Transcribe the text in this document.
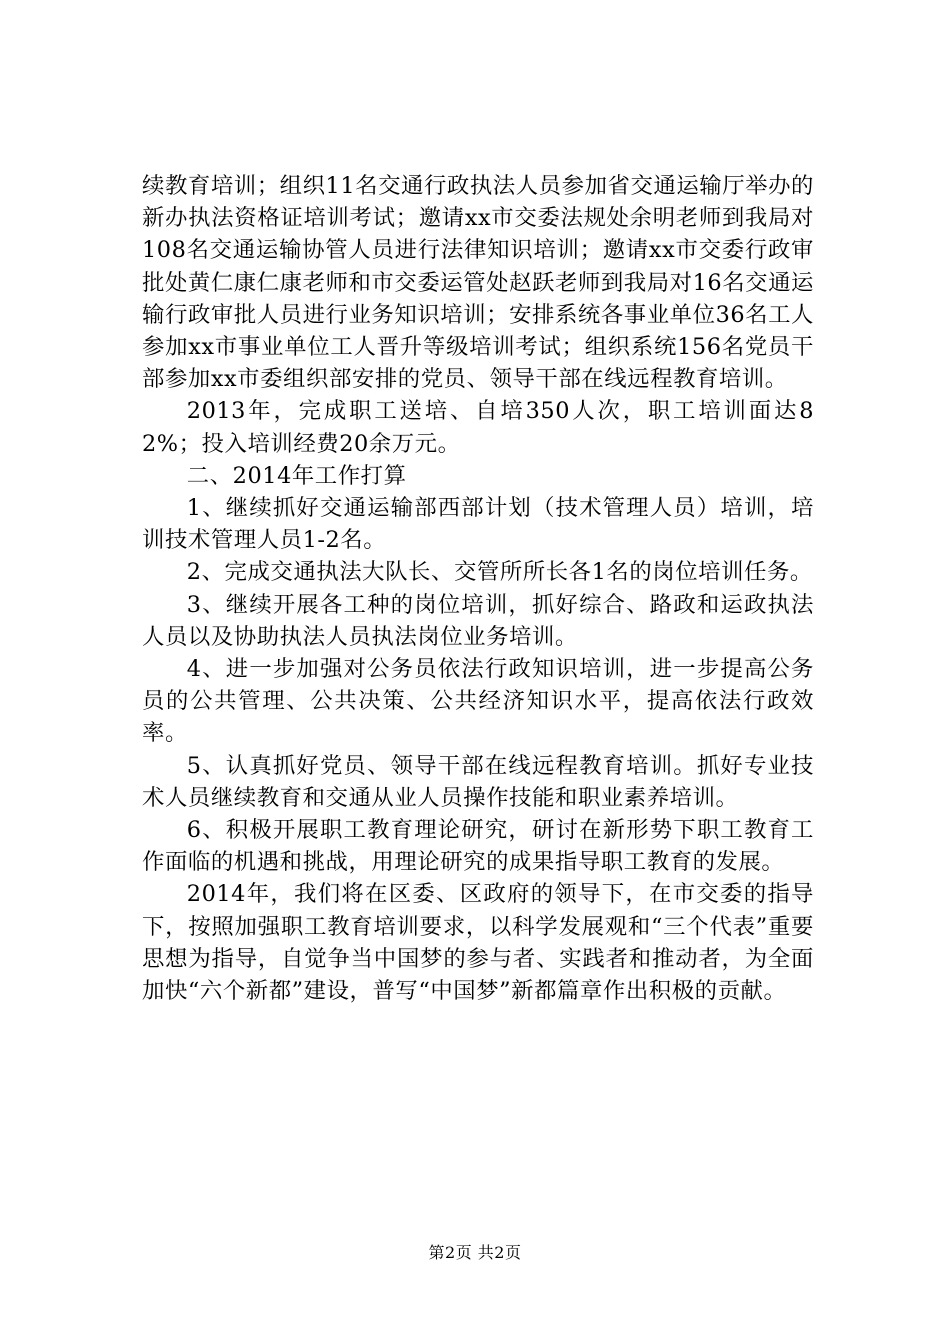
续教育培训；组织11名交通行政执法人员参加省交通运输厅举办的新办执法资格证培训考试；邀请xx市交委法规处余明老师到我局对108名交通运输协管人员进行法律知识培训；邀请xx市交委行政审批处黄仁康仁康老师和市交委运管处赵跃老师到我局对16名交通运输行政审批人员进行业务知识培训；安排系统各事业单位36名工人参加xx市事业单位工人晋升等级培训考试；组织系统156名党员干部参加xx市委组织部安排的党员、领导干部在线远程教育培训。

2013年，完成职工送培、自培350人次，职工培训面达82%；投入培训经费20余万元。

二、2014年工作打算

1、继续抓好交通运输部西部计划（技术管理人员）培训，培训技术管理人员1-2名。

2、完成交通执法大队长、交管所所长各1名的岗位培训任务。

3、继续开展各工种的岗位培训，抓好综合、路政和运政执法人员以及协助执法人员执法岗位业务培训。

4、进一步加强对公务员依法行政知识培训，进一步提高公务员的公共管理、公共决策、公共经济知识水平，提高依法行政效率。

5、认真抓好党员、领导干部在线远程教育培训。抓好专业技术人员继续教育和交通从业人员操作技能和职业素养培训。

6、积极开展职工教育理论研究，研讨在新形势下职工教育工作面临的机遇和挑战，用理论研究的成果指导职工教育的发展。

2014年，我们将在区委、区政府的领导下，在市交委的指导下，按照加强职工教育培训要求，以科学发展观和“三个代表”重要思想为指导，自觉争当中国梦的参与者、实践者和推动者，为全面加快“六个新都”建设，普写“中国梦”新都篇章作出积极的贡献。

第2页 共2页
